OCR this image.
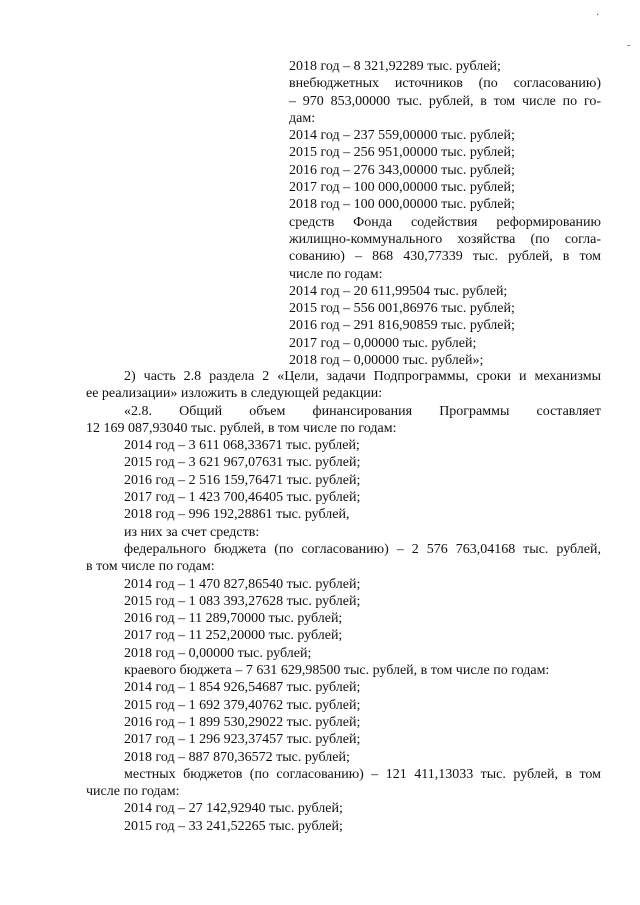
·
-
2018 год – 8 321,92289 тыс. рублей;
внебюджетных источников (по согласованию)
– 970 853,00000 тыс. рублей, в том числе по го-
дам:
2014 год – 237 559,00000 тыс. рублей;
2015 год – 256 951,00000 тыс. рублей;
2016 год – 276 343,00000 тыс. рублей;
2017 год – 100 000,00000 тыс. рублей;
2018 год – 100 000,00000 тыс. рублей;
средств Фонда содействия реформированию
жилищно-коммунального хозяйства (по согла-
сованию) – 868 430,77339 тыс. рублей, в том
числе по годам:
2014 год – 20 611,99504 тыс. рублей;
2015 год – 556 001,86976 тыс. рублей;
2016 год – 291 816,90859 тыс. рублей;
2017 год – 0,00000 тыс. рублей;
2018 год – 0,00000 тыс. рублей»;
2) часть 2.8 раздела 2 «Цели, задачи Подпрограммы, сроки и механизмы
ее реализации» изложить в следующей редакции:
«2.8. Общий объем финансирования Программы составляет
12 169 087,93040 тыс. рублей, в том числе по годам:
2014 год – 3 611 068,33671 тыс. рублей;
2015 год – 3 621 967,07631 тыс. рублей;
2016 год – 2 516 159,76471 тыс. рублей;
2017 год – 1 423 700,46405 тыс. рублей;
2018 год – 996 192,28861 тыс. рублей,
из них за счет средств:
федерального бюджета (по согласованию) – 2 576 763,04168 тыс. рублей,
в том числе по годам:
2014 год – 1 470 827,86540 тыс. рублей;
2015 год – 1 083 393,27628 тыс. рублей;
2016 год – 11 289,70000 тыс. рублей;
2017 год – 11 252,20000 тыс. рублей;
2018 год – 0,00000 тыс. рублей;
краевого бюджета – 7 631 629,98500 тыс. рублей, в том числе по годам:
2014 год – 1 854 926,54687 тыс. рублей;
2015 год – 1 692 379,40762 тыс. рублей;
2016 год – 1 899 530,29022 тыс. рублей;
2017 год – 1 296 923,37457 тыс. рублей;
2018 год – 887 870,36572 тыс. рублей;
местных бюджетов (по согласованию) – 121 411,13033 тыс. рублей, в том
числе по годам:
2014 год – 27 142,92940 тыс. рублей;
2015 год – 33 241,52265 тыс. рублей;
